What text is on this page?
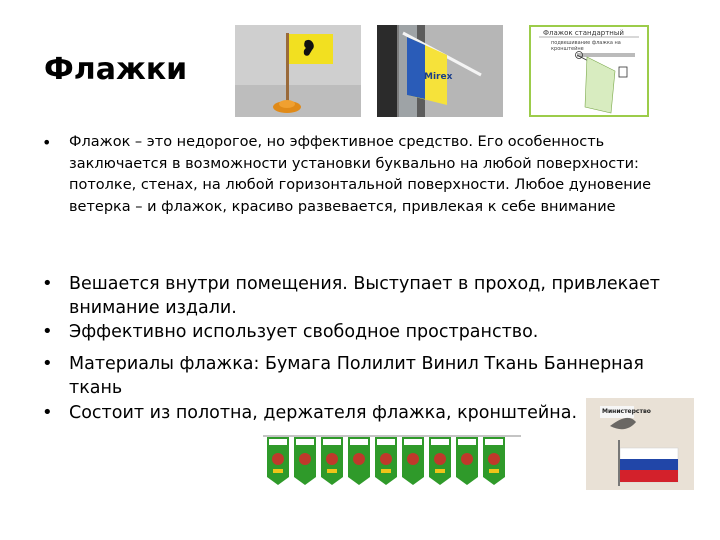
Флажки
• Флажок – это недорогое, но эффективное средство. Его особенность заключается в возможности установки буквально на любой поверхности: потолке, стенах, на любой горизонтальной поверхности. Любое дуновение ветерка – и флажок, красиво развевается, привлекая к себе внимание
• Вешается внутри помещения. Выступает в проход, привлекает внимание издали.
• Эффективно использует свободное пространство.
• Материалы флажка: Бумага Полилит Винил Ткань Баннерная ткань
• Состоит из полотна, держателя флажка, кронштейна.
Mirex
Флажок стандартный
подвешивание флажка на кронштейне
Министерство
